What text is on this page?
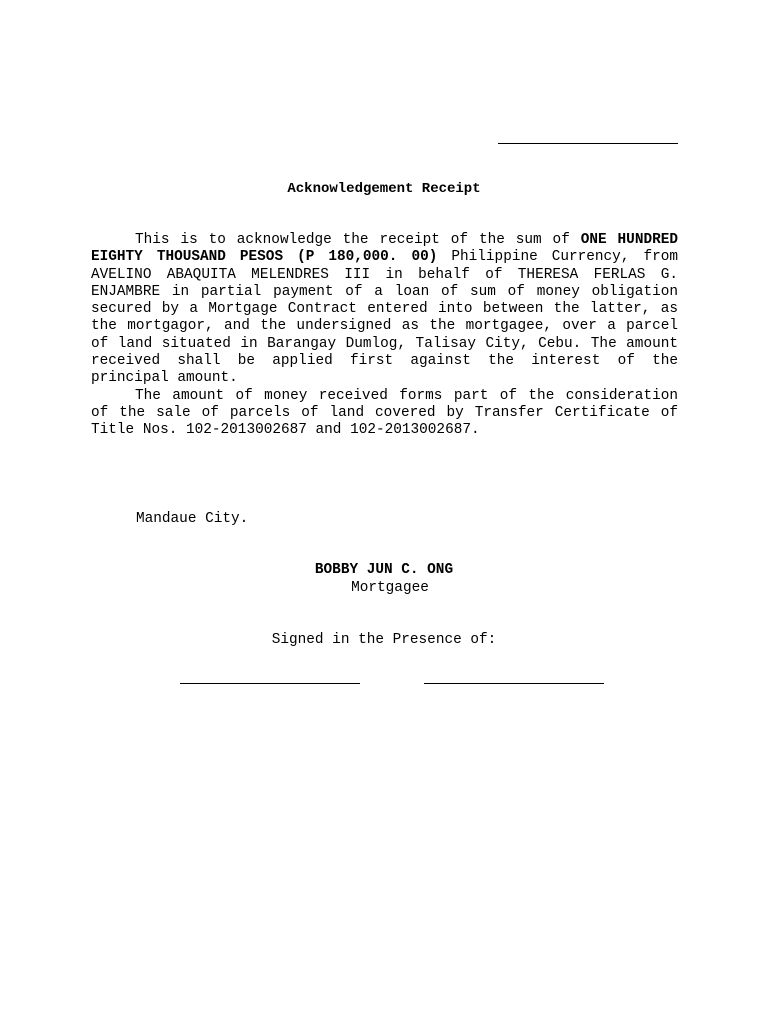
Acknowledgement Receipt

This is to acknowledge the receipt of the sum of ONE HUNDRED EIGHTY THOUSAND PESOS (P 180,000. 00) Philippine Currency, from AVELINO ABAQUITA MELENDRES III in behalf of THERESA FERLAS G. ENJAMBRE in partial payment of a loan of sum of money obligation secured by a Mortgage Contract entered into between the latter, as the mortgagor, and the undersigned as the mortgagee, over a parcel of land situated in Barangay Dumlog, Talisay City, Cebu. The amount received shall be applied first against the interest of the principal amount.

The amount of money received forms part of the consideration of the sale of parcels of land covered by Transfer Certificate of Title Nos. 102-2013002687 and 102-2013002687.

Mandaue City.
BOBBY JUN C. ONG
Mortgagee
Signed in the Presence of:
